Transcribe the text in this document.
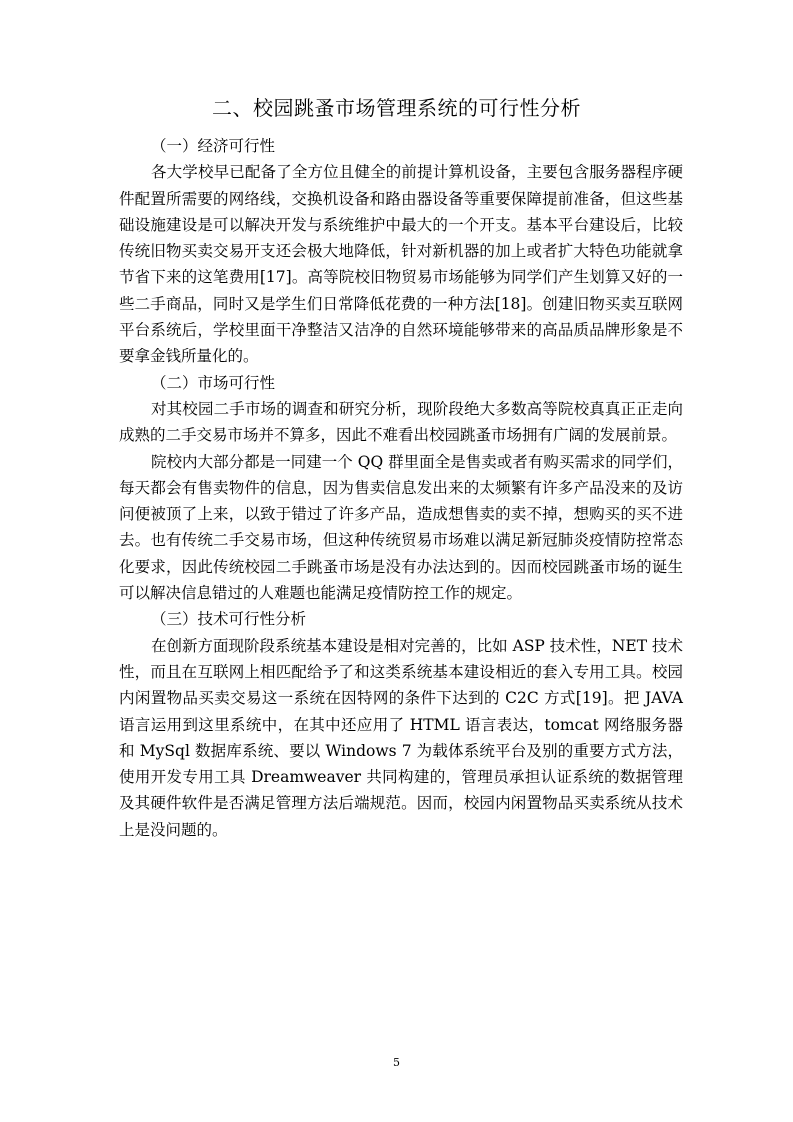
二、校园跳蚤市场管理系统的可行性分析
（一）经济可行性

各大学校早已配备了全方位且健全的前提计算机设备，主要包含服务器程序硬件配置所需要的网络线，交换机设备和路由器设备等重要保障提前准备，但这些基础设施建设是可以解决开发与系统维护中最大的一个开支。基本平台建设后，比较传统旧物买卖交易开支还会极大地降低，针对新机器的加上或者扩大特色功能就拿节省下来的这笔费用[17]。高等院校旧物贸易市场能够为同学们产生划算又好的一些二手商品，同时又是学生们日常降低花费的一种方法[18]。创建旧物买卖互联网平台系统后，学校里面干净整洁又洁净的自然环境能够带来的高品质品牌形象是不要拿金钱所量化的。

（二）市场可行性

对其校园二手市场的调查和研究分析，现阶段绝大多数高等院校真真正正走向成熟的二手交易市场并不算多，因此不难看出校园跳蚤市场拥有广阔的发展前景。

院校内大部分都是一同建一个 QQ 群里面全是售卖或者有购买需求的同学们，每天都会有售卖物件的信息，因为售卖信息发出来的太频繁有许多产品没来的及访问便被顶了上来，以致于错过了许多产品，造成想售卖的卖不掉，想购买的买不进去。也有传统二手交易市场，但这种传统贸易市场难以满足新冠肺炎疫情防控常态化要求，因此传统校园二手跳蚤市场是没有办法达到的。因而校园跳蚤市场的诞生可以解决信息错过的人难题也能满足疫情防控工作的规定。

（三）技术可行性分析

在创新方面现阶段系统基本建设是相对完善的，比如 ASP 技术性，NET 技术性，而且在互联网上相匹配给予了和这类系统基本建设相近的套入专用工具。校园内闲置物品买卖交易这一系统在因特网的条件下达到的 C2C 方式[19]。把 JAVA 语言运用到这里系统中，在其中还应用了 HTML 语言表达，tomcat 网络服务器和 MySql 数据库系统、要以 Windows 7 为载体系统平台及别的重要方式方法，使用开发专用工具 Dreamweaver 共同构建的，管理员承担认证系统的数据管理及其硬件软件是否满足管理方法后端规范。因而，校园内闲置物品买卖系统从技术上是没问题的。

5
